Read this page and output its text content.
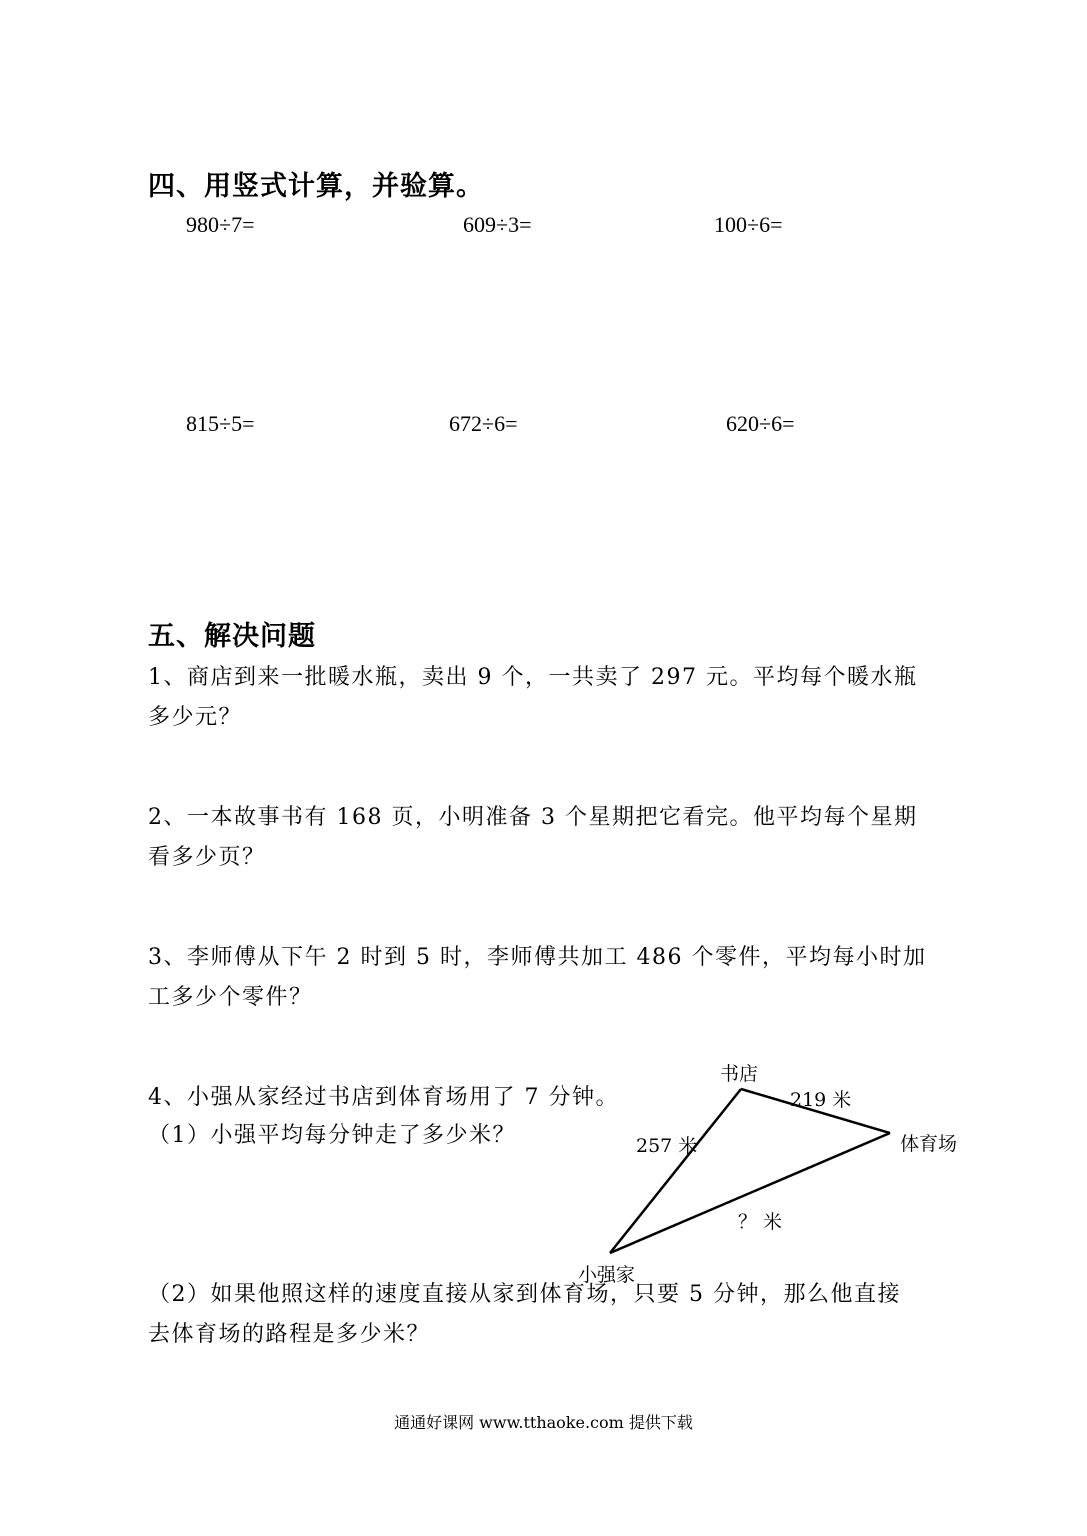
四、用竖式计算，并验算。
980÷7=	609÷3=	100÷6=
815÷5=	672÷6=	620÷6=
五、解决问题
1、商店到来一批暖水瓶，卖出 9 个，一共卖了 297 元。平均每个暖水瓶
多少元？
2、一本故事书有 168 页，小明准备 3 个星期把它看完。他平均每个星期
看多少页？
3、李师傅从下午 2 时到 5 时，李师傅共加工 486 个零件，平均每小时加
工多少个零件？
4、小强从家经过书店到体育场用了 7 分钟。
（1）小强平均每分钟走了多少米？
书店
219 米
体育场
257 米
？ 米
小强家
（2）如果他照这样的速度直接从家到体育场，只要 5 分钟，那么他直接
去体育场的路程是多少米？
通通好课网 www.tthaoke.com 提供下载
